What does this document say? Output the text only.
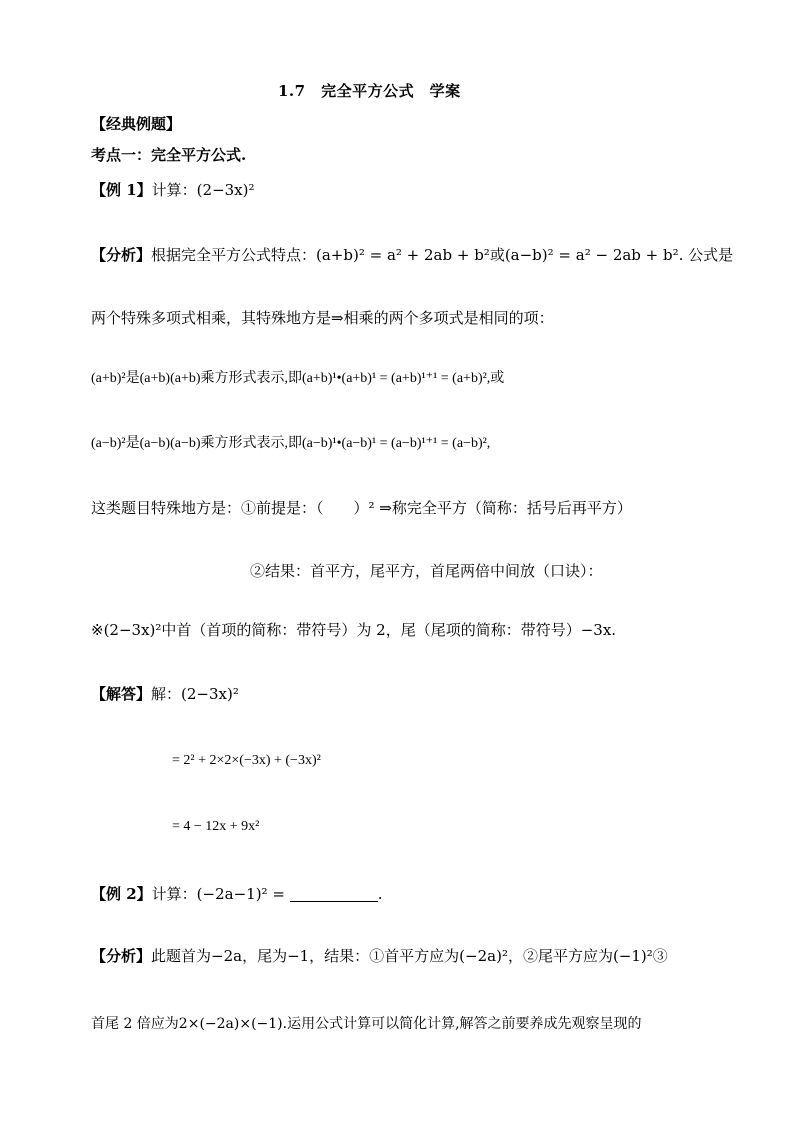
1.7　完全平方公式　学案
【经典例题】
考点一：完全平方公式.
【例 1】计算：(2−3x)²
【分析】根据完全平方公式特点：(a+b)² = a² + 2ab + b²或(a−b)² = a² − 2ab + b². 公式是
两个特殊多项式相乘，其特殊地方是⇒相乘的两个多项式是相同的项：
(a+b)²是(a+b)(a+b)乘方形式表示,即(a+b)¹•(a+b)¹ = (a+b)¹⁺¹ = (a+b)²,或
(a−b)²是(a−b)(a−b)乘方形式表示,即(a−b)¹•(a−b)¹ = (a−b)¹⁺¹ = (a−b)²,
这类题目特殊地方是：①前提是：（　　）² ⇒称完全平方（简称：括号后再平方）
②结果：首平方，尾平方，首尾两倍中间放（口诀）：
※(2−3x)²中首（首项的简称：带符号）为 2，尾（尾项的简称：带符号）−3x.
【解答】解：(2−3x)²
= 2² + 2×2×(−3x) + (−3x)²
= 4 − 12x + 9x²
【例 2】计算：(−2a−1)² =	.
【分析】此题首为−2a，尾为−1，结果：①首平方应为(−2a)²，②尾平方应为(−1)²③
首尾 2 倍应为2×(−2a)×(−1).运用公式计算可以简化计算,解答之前要养成先观察呈现的
